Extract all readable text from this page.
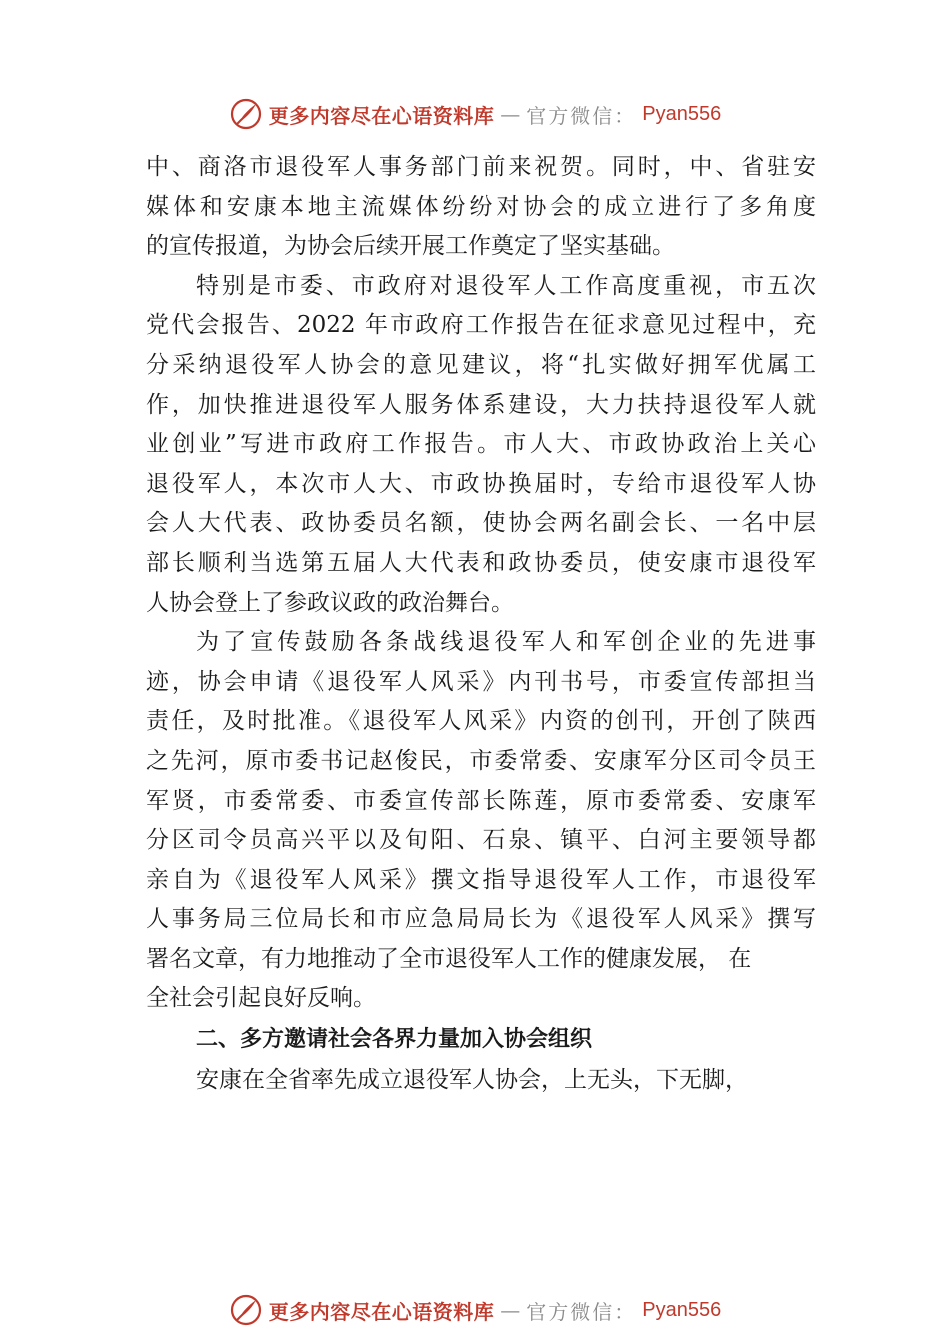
更多内容尽在心语资料库 — 官方微信： Pyan556
中、商洛市退役军人事务部门前来祝贺。同时，中、省驻安
媒体和安康本地主流媒体纷纷对协会的成立进行了多角度
的宣传报道，为协会后续开展工作奠定了坚实基础。
特别是市委、市政府对退役军人工作高度重视，市五次
党代会报告、2022 年市政府工作报告在征求意见过程中，充
分采纳退役军人协会的意见建议，将“扎实做好拥军优属工
作，加快推进退役军人服务体系建设，大力扶持退役军人就
业创业”写进市政府工作报告。市人大、市政协政治上关心
退役军人，本次市人大、市政协换届时，专给市退役军人协
会人大代表、政协委员名额，使协会两名副会长、一名中层
部长顺利当选第五届人大代表和政协委员，使安康市退役军
人协会登上了参政议政的政治舞台。
为了宣传鼓励各条战线退役军人和军创企业的先进事
迹，协会申请《退役军人风采》内刊书号，市委宣传部担当
责任，及时批准。《退役军人风采》内资的创刊，开创了陕西
之先河，原市委书记赵俊民，市委常委、安康军分区司令员王
军贤，市委常委、市委宣传部长陈莲，原市委常委、安康军
分区司令员高兴平以及旬阳、石泉、镇平、白河主要领导都
亲自为《退役军人风采》撰文指导退役军人工作，市退役军
人事务局三位局长和市应急局局长为《退役军人风采》撰写
署名文章，有力地推动了全市退役军人工作的健康发展， 在
全社会引起良好反响。
二、多方邀请社会各界力量加入协会组织
安康在全省率先成立退役军人协会，上无头，下无脚，
更多内容尽在心语资料库 — 官方微信： Pyan556
